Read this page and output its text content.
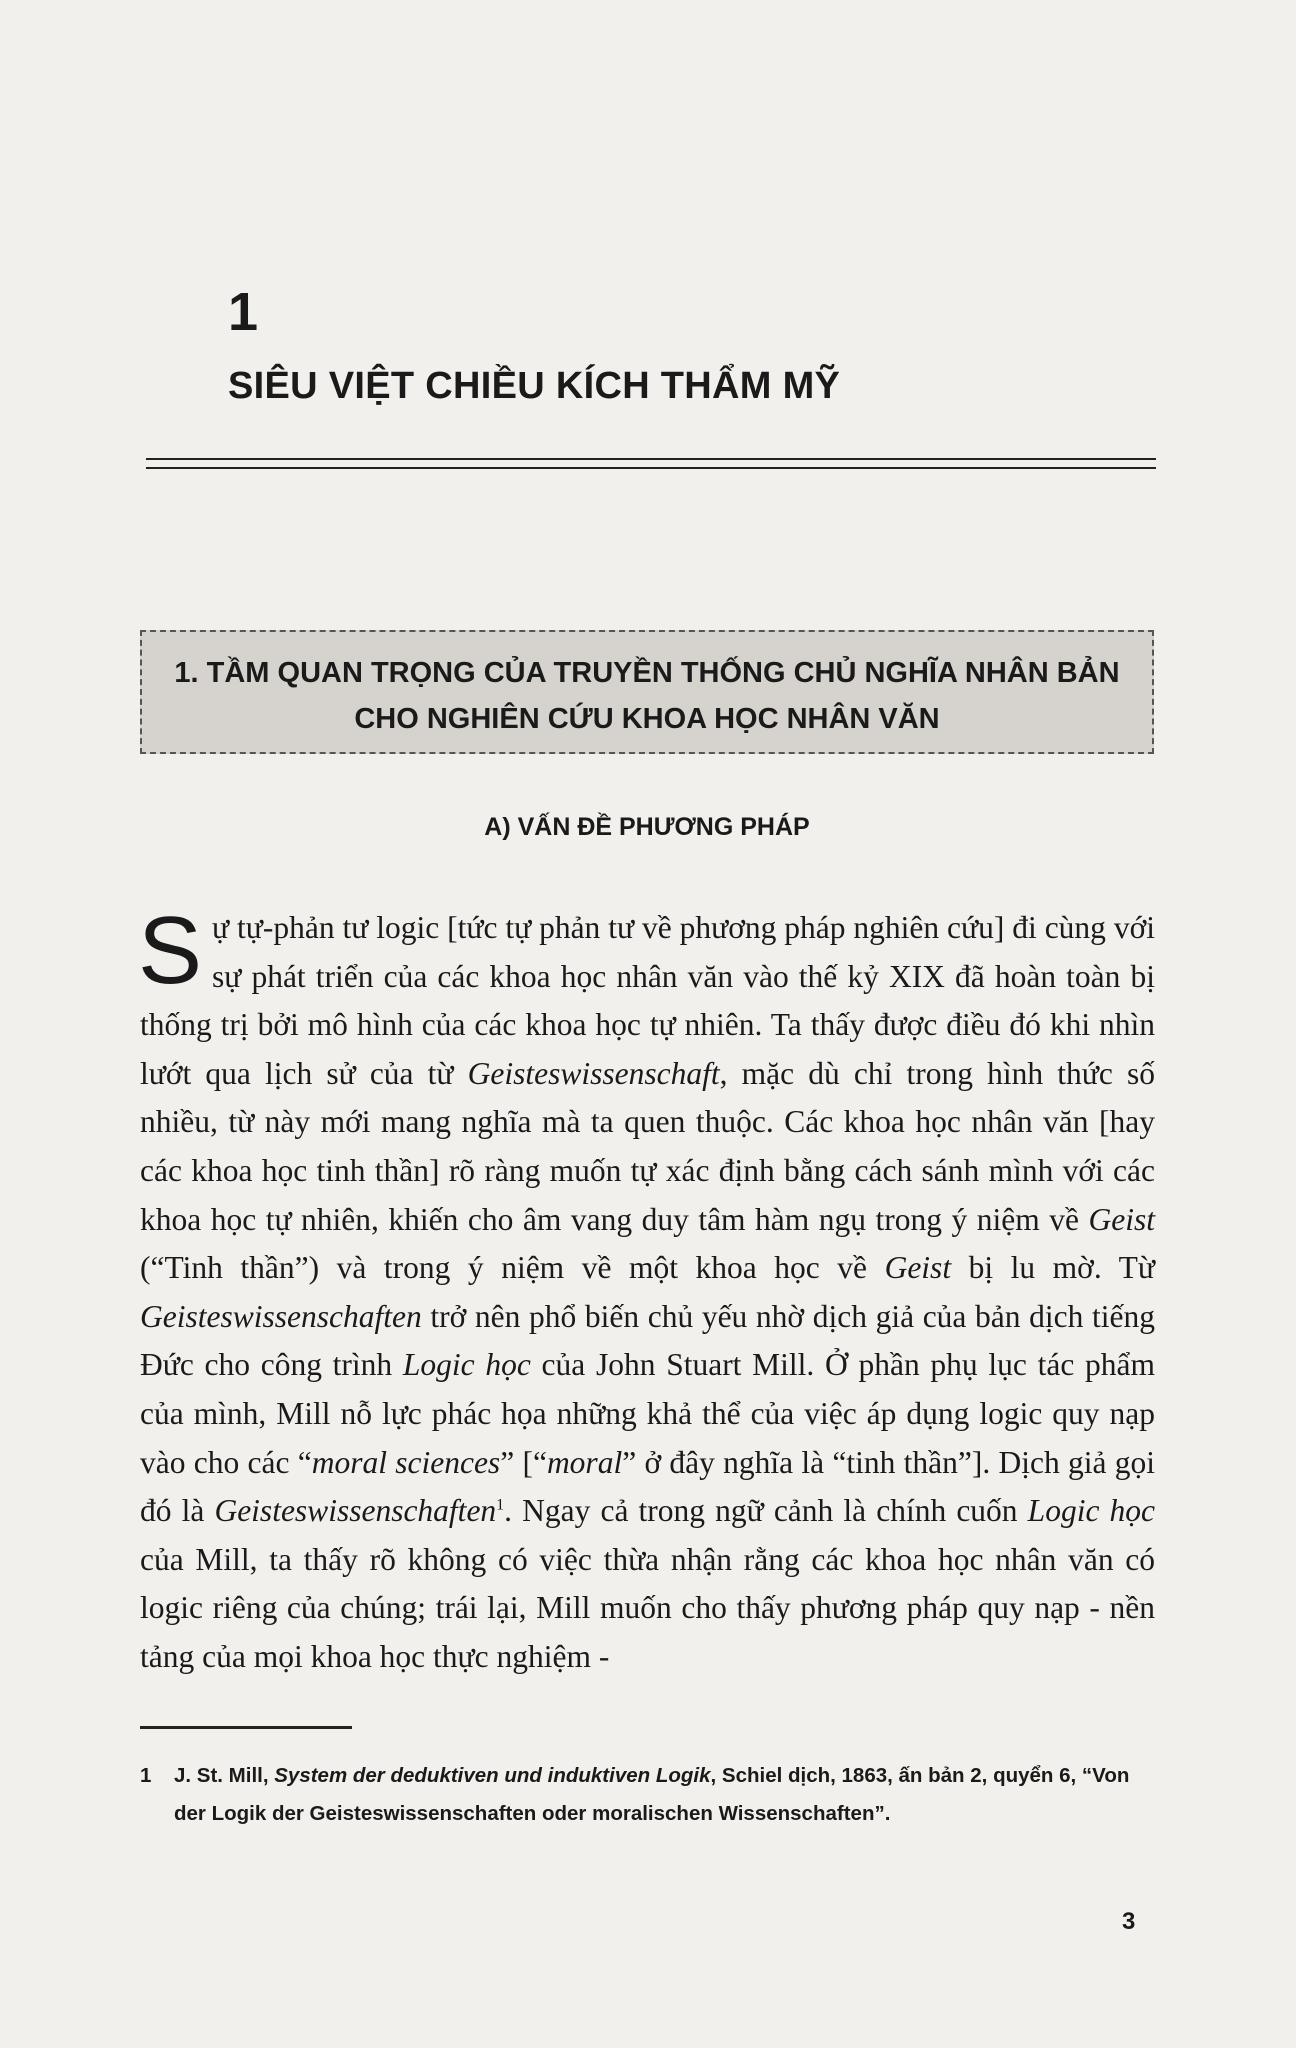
1
SIÊU VIỆT CHIỀU KÍCH THẨM MỸ
1. TẦM QUAN TRỌNG CỦA TRUYỀN THỐNG CHỦ NGHĨA NHÂN BẢN
CHO NGHIÊN CỨU KHOA HỌC NHÂN VĂN
A) VẤN ĐỀ PHƯƠNG PHÁP

Sự tự-phản tư logic [tức tự phản tư về phương pháp nghiên cứu] đi cùng với sự phát triển của các khoa học nhân văn vào thế kỷ XIX đã hoàn toàn bị thống trị bởi mô hình của các khoa học tự nhiên. Ta thấy được điều đó khi nhìn lướt qua lịch sử của từ Geisteswissenschaft, mặc dù chỉ trong hình thức số nhiều, từ này mới mang nghĩa mà ta quen thuộc. Các khoa học nhân văn [hay các khoa học tinh thần] rõ ràng muốn tự xác định bằng cách sánh mình với các khoa học tự nhiên, khiến cho âm vang duy tâm hàm ngụ trong ý niệm về Geist (“Tinh thần”) và trong ý niệm về một khoa học về Geist bị lu mờ. Từ Geisteswissenschaften trở nên phổ biến chủ yếu nhờ dịch giả của bản dịch tiếng Đức cho công trình Logic học của John Stuart Mill. Ở phần phụ lục tác phẩm của mình, Mill nỗ lực phác họa những khả thể của việc áp dụng logic quy nạp vào cho các “moral sciences” [“moral” ở đây nghĩa là “tinh thần”]. Dịch giả gọi đó là Geisteswissenschaften$^1$. Ngay cả trong ngữ cảnh là chính cuốn Logic học của Mill, ta thấy rõ không có việc thừa nhận rằng các khoa học nhân văn có logic riêng của chúng; trái lại, Mill muốn cho thấy phương pháp quy nạp - nền tảng của mọi khoa học thực nghiệm -

1 J. St. Mill, System der deduktiven und induktiven Logik, Schiel dịch, 1863, ấn bản 2, quyển 6, “Von der Logik der Geisteswissenschaften oder moralischen Wissenschaften”.
3
